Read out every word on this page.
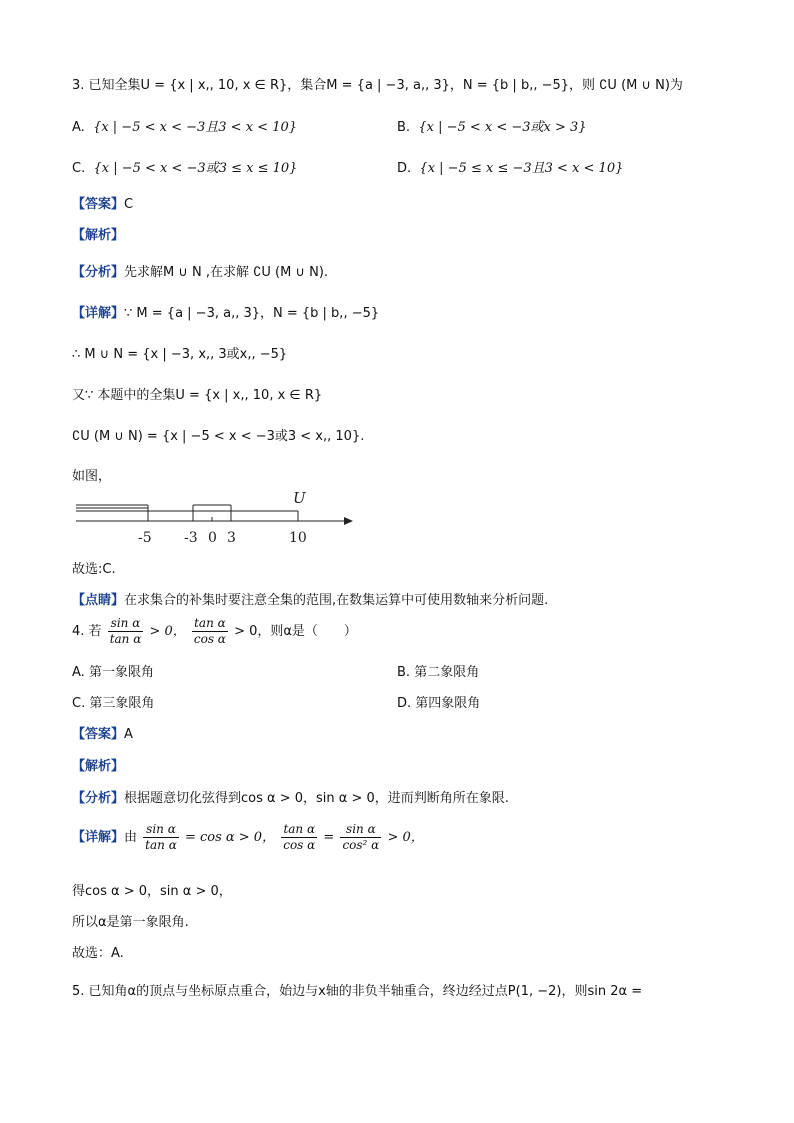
3. 已知全集U = {x | x,, 10, x ∈ R}，集合M = {a | −3, a,, 3}，N = {b | b,, −5}，则 ∁U (M ∪ N)为
A. {x | −5 < x < −3且3 < x < 10}	B. {x | −5 < x < −3或x > 3}
C. {x | −5 < x < −3或3 ≤ x ≤ 10}	D. {x | −5 ≤ x ≤ −3且3 < x < 10}
【答案】C
【解析】
【分析】先求解M ∪ N ,在求解 ∁U (M ∪ N).
【详解】∵ M = {a | −3, a,, 3}，N = {b | b,, −5}
∴ M ∪ N = {x | −3, x,, 3或x,, −5}
又∵ 本题中的全集U = {x | x,, 10, x ∈ R}
∁U (M ∪ N) = {x | −5 < x < −3或3 < x,, 10}.
如图，
U
-5 -3 0 3	10
故选:C.
【点睛】在求集合的补集时要注意全集的范围,在数集运算中可使用数轴来分析问题.
4. 若 $\frac{\text{sin α}}{\text{tan α}} > 0$， $\frac{\text{tan α}}{\text{cos α}} > 0$，则α是（　　）
A. 第一象限角	B. 第二象限角
C. 第三象限角	D. 第四象限角
【答案】A
【解析】
【分析】根据题意切化弦得到cos α > 0，sin α > 0，进而判断角所在象限.
【详解】由 $\frac{\text{sin α}}{\text{tan α}} = \cos \alpha > 0$， $\frac{\text{tan α}}{\text{cos α}} = \frac{\text{sin α}}{\text{cos² α}} > 0$，
得cos α > 0，sin α > 0，
所以α是第一象限角.
故选：A.
5. 已知角α的顶点与坐标原点重合，始边与x轴的非负半轴重合，终边经过点P(1, −2)，则sin 2α =
